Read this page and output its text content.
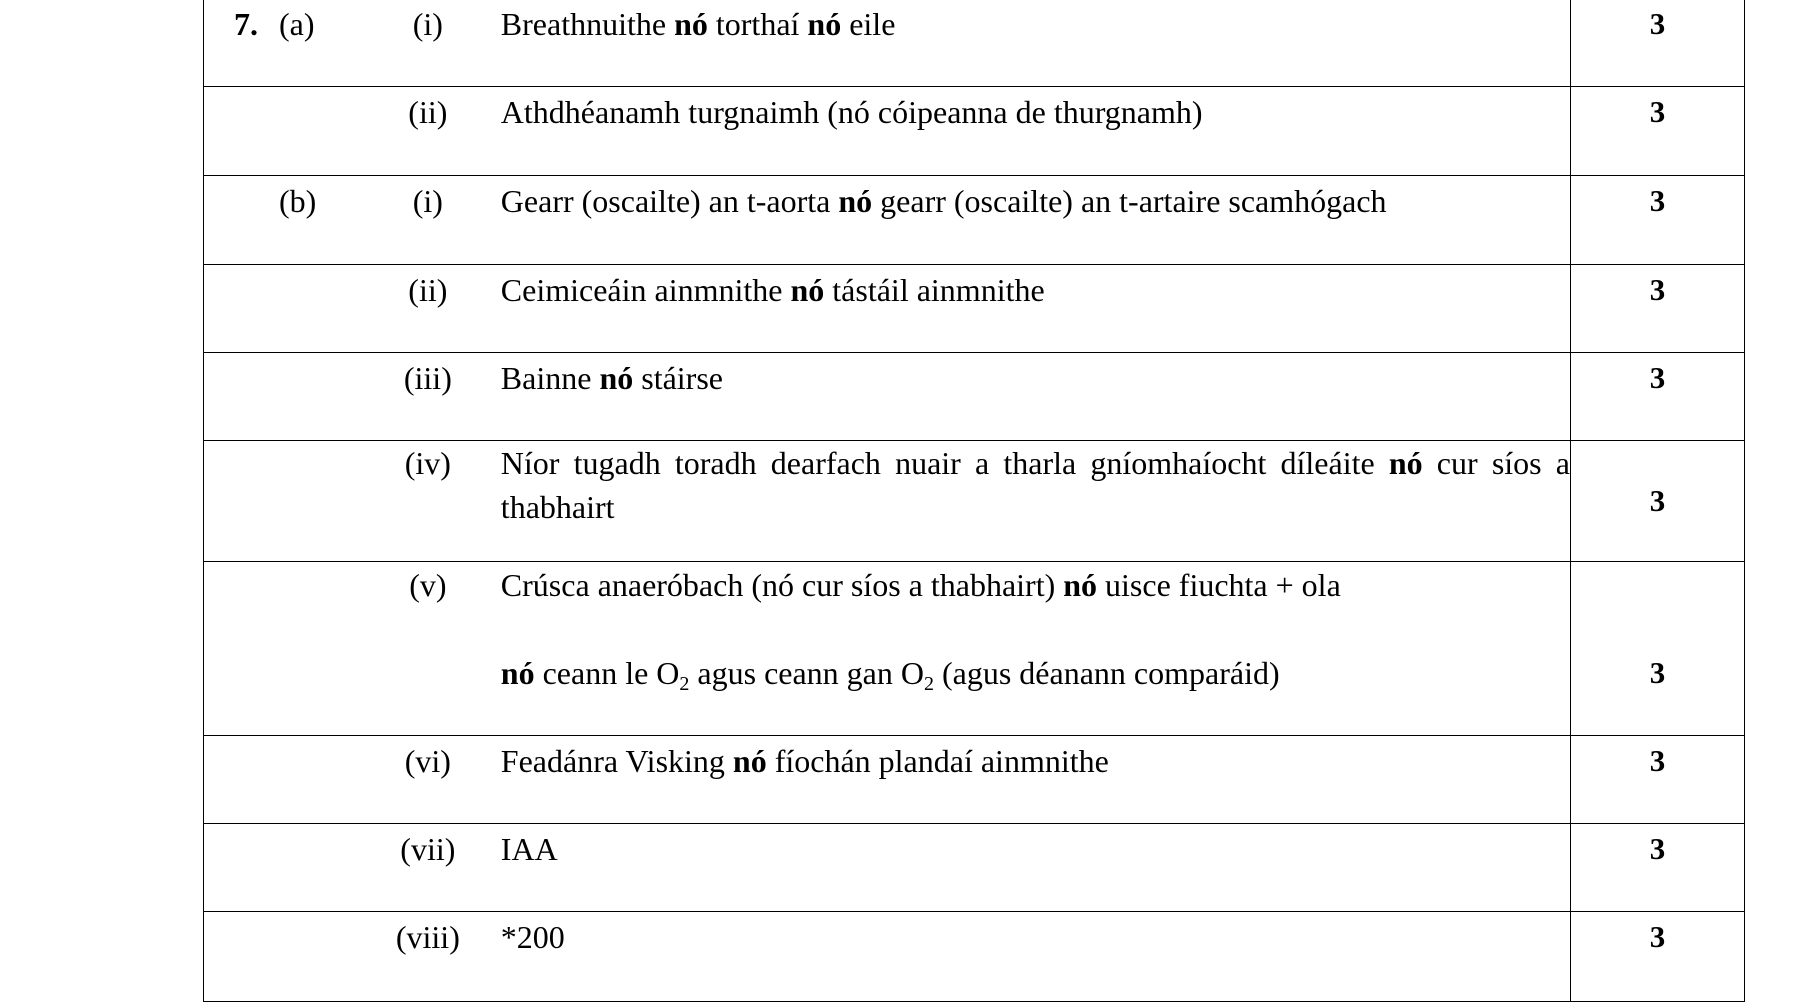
7. (a) (i) Breathnuithe nó torthaí nó eile	3

(ii) Athdhéanamh turgnaimh (nó cóipeanna de thurgnamh)	3

(b) (i) Gearr (oscailte) an t-aorta nó gearr (oscailte) an t-artaire scamhógach	3

(ii) Ceimiceáin ainmnithe nó tástáil ainmnithe	3

(iii) Bainne nó stáirse	3

(iv) Níor tugadh toradh dearfach nuair a tharla gníomhaíocht díleáite nó cur síos a thabhairt	3

(v) Crúsca anaeróbach (nó cur síos a thabhairt) nó uisce fiuchta + ola
nó ceann le $O_2$ agus ceann gan $O_2$ (agus déanann comparáid)	3

(vi) Feadánra Visking nó fíochán plandaí ainmnithe	3

(vii) IAA	3

(viii) *200	3
